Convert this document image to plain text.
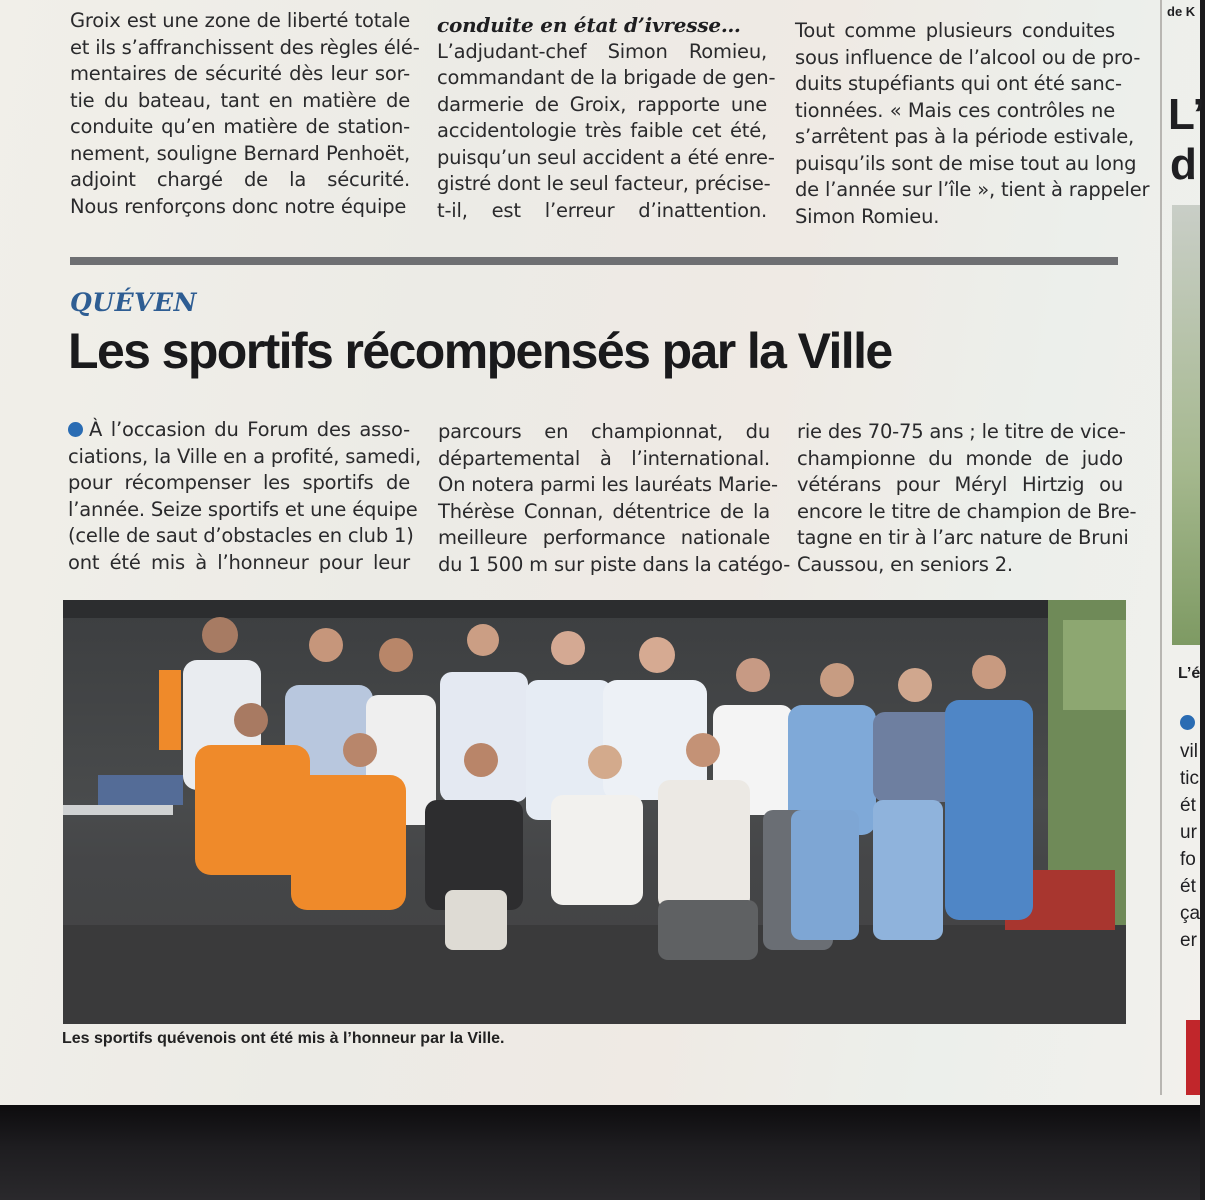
Groix est une zone de liberté totale
et ils s’affranchissent des règles élé-
mentaires de sécurité dès leur sor-
tie du bateau, tant en matière de
conduite qu’en matière de station-
nement, souligne Bernard Penhoët,
adjoint chargé de la sécurité.
Nous renforçons donc notre équipe
conduite en état d’ivresse…
L’adjudant-chef Simon Romieu,
commandant de la brigade de gen-
darmerie de Groix, rapporte une
accidentologie très faible cet été,
puisqu’un seul accident a été enre-
gistré dont le seul facteur, précise-
t-il, est l’erreur d’inattention.
Tout comme plusieurs conduites
sous influence de l’alcool ou de pro-
duits stupéfiants qui ont été sanc-
tionnées. « Mais ces contrôles ne
s’arrêtent pas à la période estivale,
puisqu’ils sont de mise tout au long
de l’année sur l’île », tient à rappeler
Simon Romieu.
QUÉVEN
Les sportifs récompensés par la Ville
À l’occasion du Forum des asso-
ciations, la Ville en a profité, samedi,
pour récompenser les sportifs de
l’année. Seize sportifs et une équipe
(celle de saut d’obstacles en club 1)
ont été mis à l’honneur pour leur
parcours en championnat, du
départemental à l’international.
On notera parmi les lauréats Marie-
Thérèse Connan, détentrice de la
meilleure performance nationale
du 1 500 m sur piste dans la catégo-
rie des 70-75 ans ; le titre de vice-
championne du monde de judo
vétérans pour Méryl Hirtzig ou
encore le titre de champion de Bre-
tagne en tir à l’arc nature de Bruni
Caussou, en seniors 2.
Les sportifs quévenois ont été mis à l’honneur par la Ville.
de K
L’
d
L’é
vil
tic
ét
ur
fo
ét
ça
er
